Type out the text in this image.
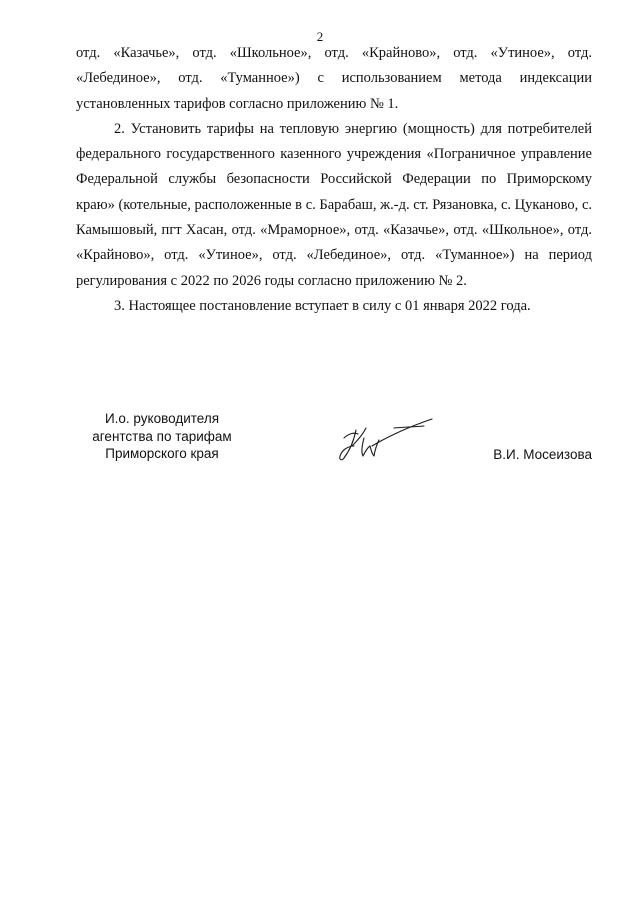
2

отд. «Казачье», отд. «Школьное», отд. «Крайново», отд. «Утиное», отд. «Лебединое», отд. «Туманное») с использованием метода индексации установленных тарифов согласно приложению № 1.

2. Установить тарифы на тепловую энергию (мощность) для потребителей федерального государственного казенного учреждения «Пограничное управление Федеральной службы безопасности Российской Федерации по Приморскому краю» (котельные, расположенные в с. Барабаш, ж.-д. ст. Рязановка, с. Цуканово, с. Камышовый, пгт Хасан, отд. «Мраморное», отд. «Казачье», отд. «Школьное», отд. «Крайново», отд. «Утиное», отд. «Лебединое», отд. «Туманное») на период регулирования с 2022 по 2026 годы согласно приложению № 2.

3. Настоящее постановление вступает в силу с 01 января 2022 года.

И.о. руководителя
агентства по тарифам
Приморского края	В.И. Мосеизова
